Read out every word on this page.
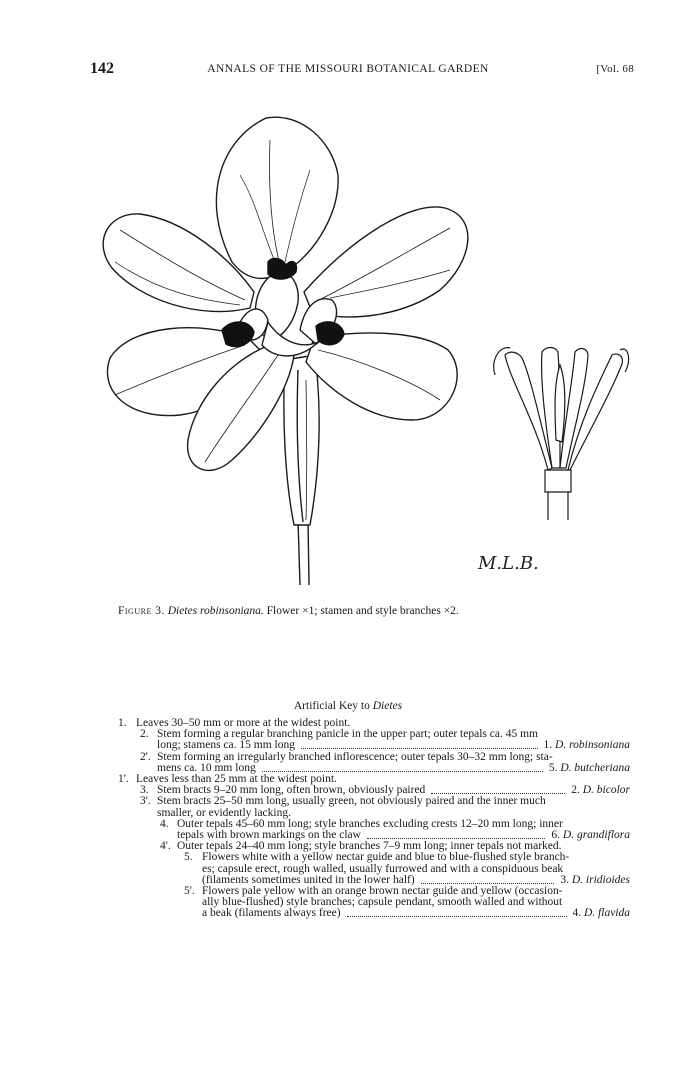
142	ANNALS OF THE MISSOURI BOTANICAL GARDEN	[Vol. 68
M.L.B.
Figure 3. Dietes robinsoniana. Flower ×1; stamen and style branches ×2.
Artificial Key to Dietes
1. Leaves 30–50 mm or more at the widest point.
2. Stem forming a regular branching panicle in the upper part; outer tepals ca. 45 mm
long; stamens ca. 15 mm long	1. D. robinsoniana
2'. Stem forming an irregularly branched inflorescence; outer tepals 30–32 mm long; sta-
mens ca. 10 mm long	5. D. butcheriana
1'. Leaves less than 25 mm at the widest point.
3. Stem bracts 9–20 mm long, often brown, obviously paired	2. D. bicolor
3'. Stem bracts 25–50 mm long, usually green, not obviously paired and the inner much
smaller, or evidently lacking.
4. Outer tepals 45–60 mm long; style branches excluding crests 12–20 mm long; inner
tepals with brown markings on the claw	6. D. grandiflora
4'. Outer tepals 24–40 mm long; style branches 7–9 mm long; inner tepals not marked.
5. Flowers white with a yellow nectar guide and blue to blue-flushed style branch-
es; capsule erect, rough walled, usually furrowed and with a conspiduous beak
(filaments sometimes united in the lower half)	3. D. iridioides
5'. Flowers pale yellow with an orange brown nectar guide and yellow (occasion-
ally blue-flushed) style branches; capsule pendant, smooth walled and without
a beak (filaments always free)	4. D. flavida
